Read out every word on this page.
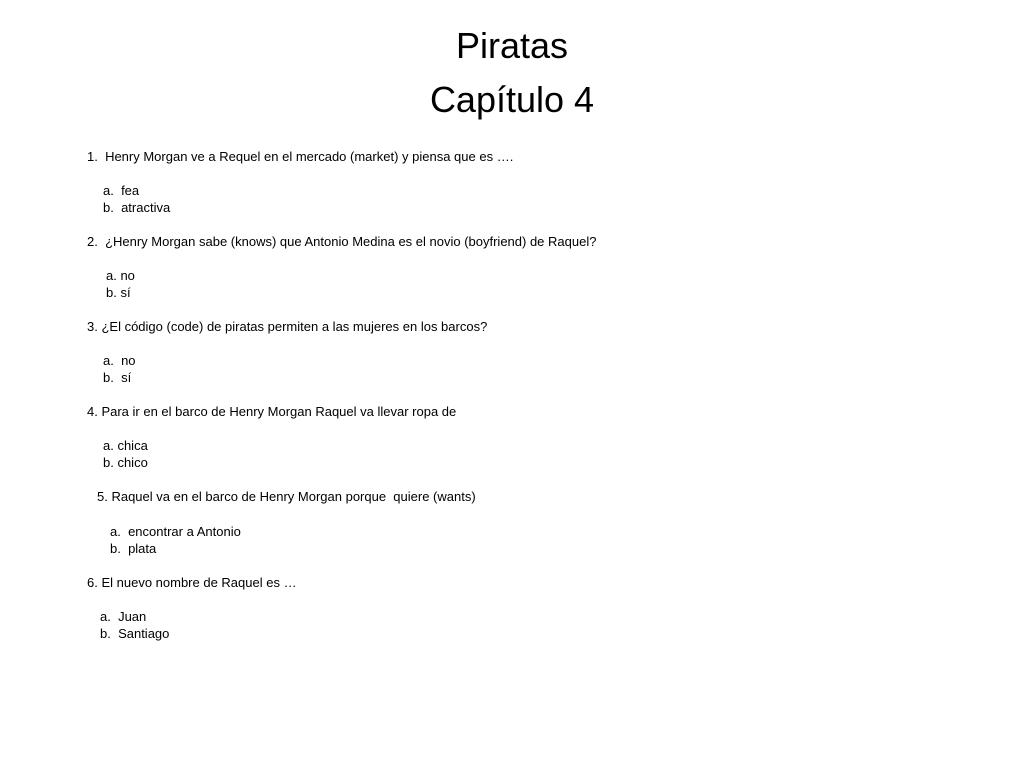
Piratas
Capítulo 4

1.  Henry Morgan ve a Requel en el mercado (market) y piensa que es ….

a.  fea

b.  atractiva

2.  ¿Henry Morgan sabe (knows) que Antonio Medina es el novio (boyfriend) de Raquel?

a. no

b. sí

3. ¿El código (code) de piratas permiten a las mujeres en los barcos?

a.  no

b.  sí

4. Para ir en el barco de Henry Morgan Raquel va llevar ropa de

a. chica

b. chico

5. Raquel va en el barco de Henry Morgan porque  quiere (wants)

a.  encontrar a Antonio

b.  plata

6. El nuevo nombre de Raquel es …

a.  Juan

b.  Santiago
